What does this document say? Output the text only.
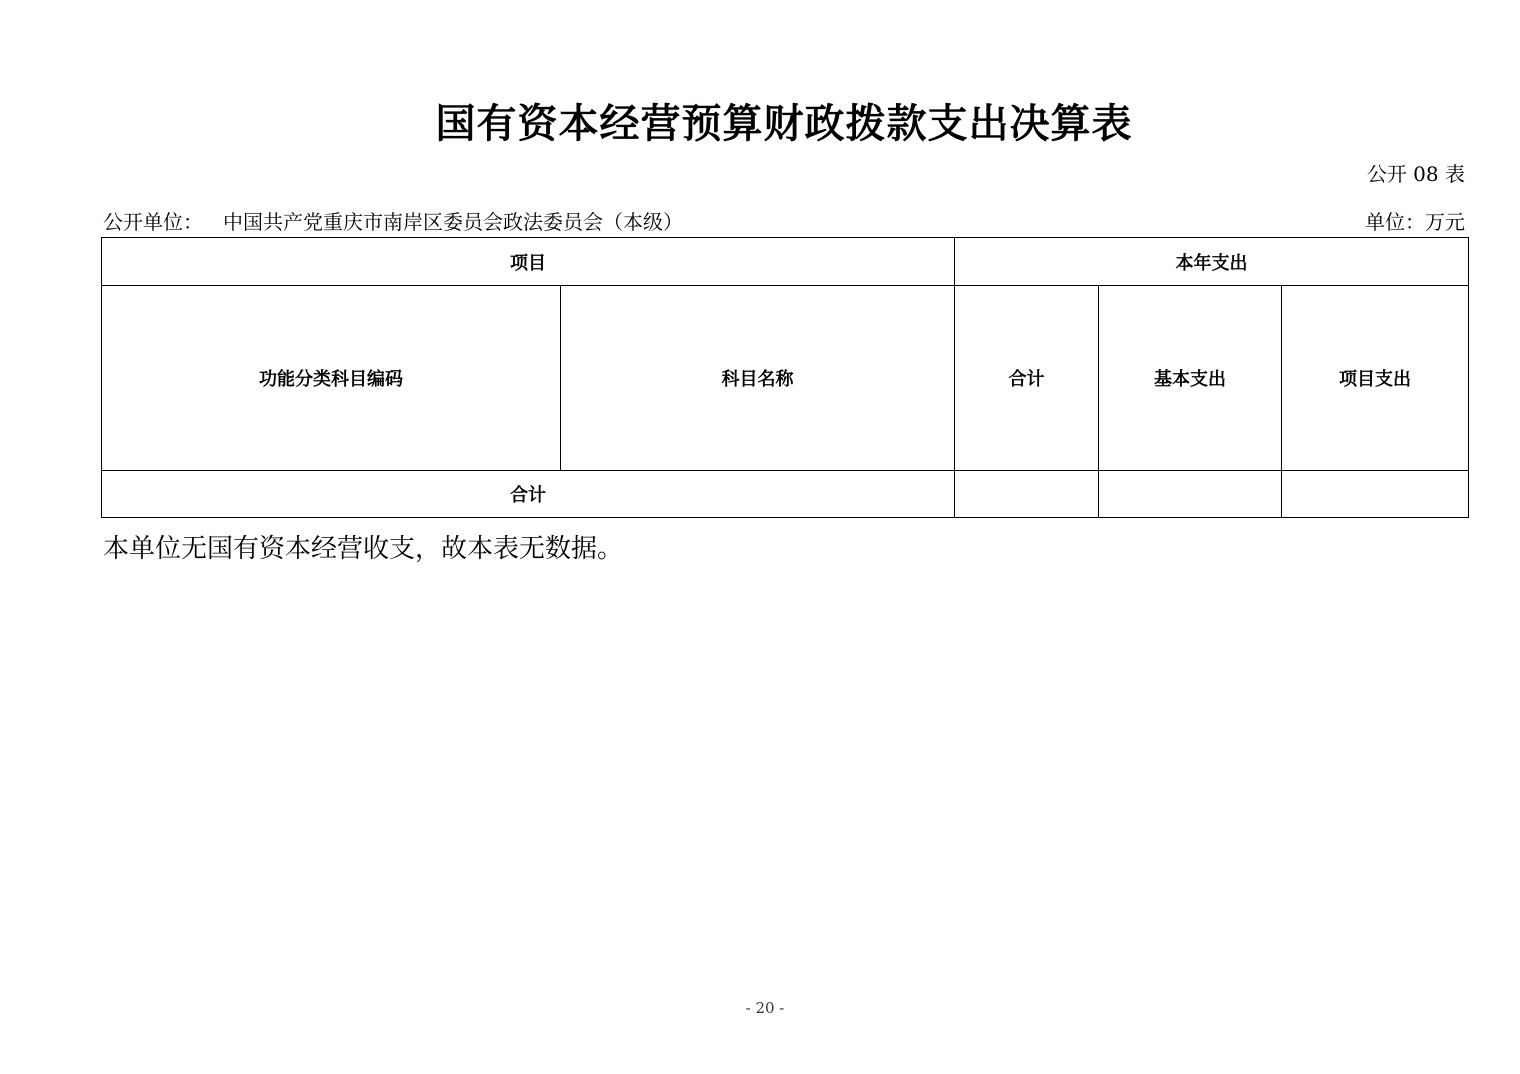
国有资本经营预算财政拨款支出决算表
公开 08 表
公开单位： 中国共产党重庆市南岸区委员会政法委员会（本级）	单位：万元
项目		本年支出		
功能分类科目编码	科目名称	合计	基本支出	项目支出
合计				
本单位无国有资本经营收支，故本表无数据。
- 20 -
